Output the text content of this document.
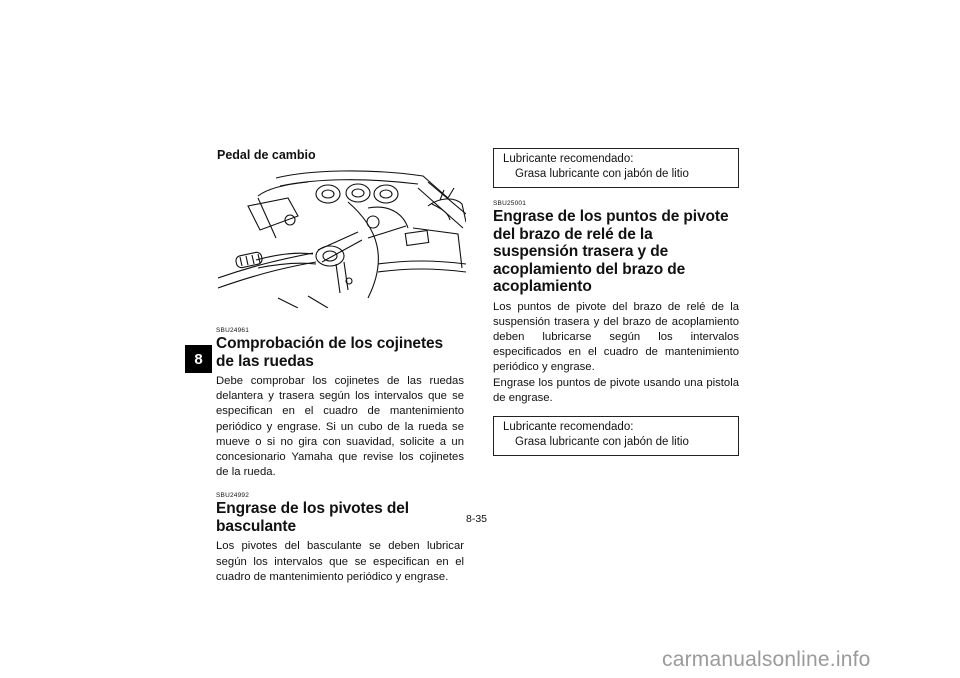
8
Pedal de cambio
SBU24961
Comprobación de los cojinetes de las ruedas

Debe comprobar los cojinetes de las ruedas delantera y trasera según los intervalos que se especifican en el cuadro de mantenimiento periódico y engrase. Si un cubo de la rueda se mueve o si no gira con suavidad, solicite a un concesionario Yamaha que revise los cojinetes de la rueda.

SBU24992
Engrase de los pivotes del basculante

Los pivotes del basculante se deben lubricar según los intervalos que se especifican en el cuadro de mantenimiento periódico y engrase.

Lubricante recomendado:
Grasa lubricante con jabón de litio
SBU25001
Engrase de los puntos de pivote del brazo de relé de la suspensión trasera y de acoplamiento del brazo de acoplamiento

Los puntos de pivote del brazo de relé de la suspensión trasera y del brazo de acoplamiento deben lubricarse según los intervalos especificados en el cuadro de mantenimiento periódico y engrase.

Engrase los puntos de pivote usando una pistola de engrase.

Lubricante recomendado:
Grasa lubricante con jabón de litio
8-35
carmanualsonline.info
